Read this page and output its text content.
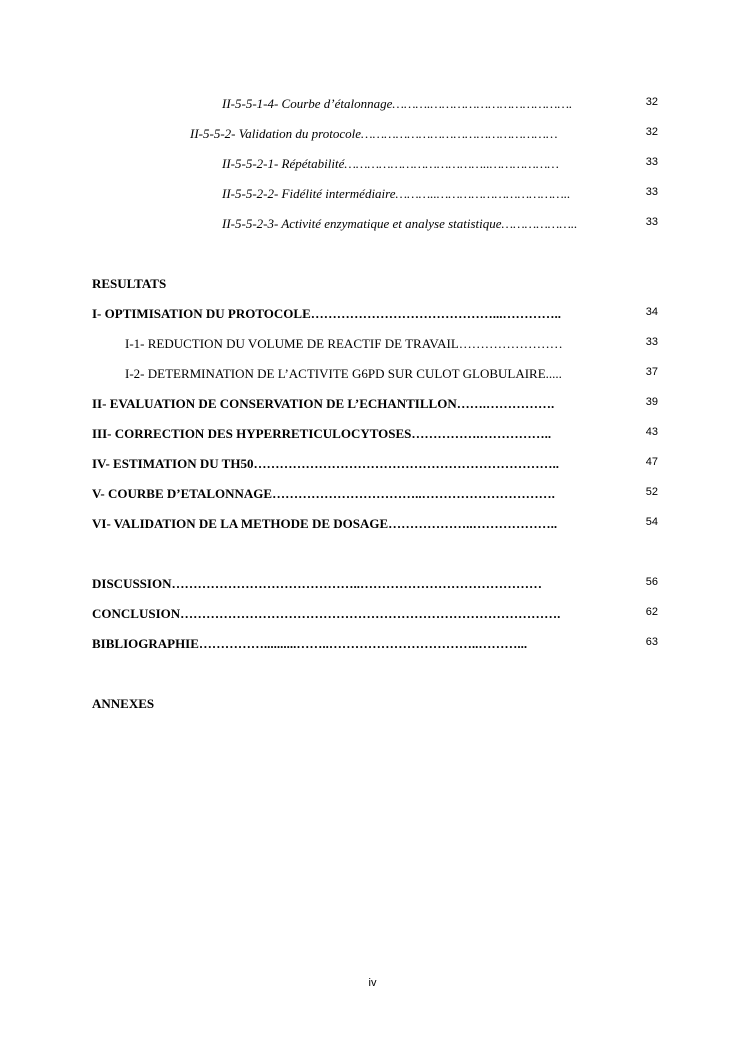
II-5-5-1-4- Courbe d’étalonnage ……….……………………………….	32
II-5-5-2- Validation du protocole ……………………………………………	32
II-5-5-2-1- Répétabilité ………………………………..………………	33
II-5-5-2-2- Fidélité intermédiaire ………..……………………………..	33
II-5-5-2-3- Activité enzymatique et analyse statistique ………………..	33
RESULTATS
I- OPTIMISATION DU PROTOCOLE ……………………………………...…………..	34
I-1- REDUCTION DU VOLUME DE REACTIF DE TRAVAIL ……………………	33
I-2- DETERMINATION DE L’ACTIVITE G6PD SUR CULOT GLOBULAIRE .....	37
II- EVALUATION DE CONSERVATION DE L’ECHANTILLON …….…………….	39
III- CORRECTION DES HYPERRETICULOCYTOSES …………….……………..	43
IV- ESTIMATION DU TH50 ……………………………………………………………..	47
V- COURBE D’ETALONNAGE ……………………………..………………………….	52
VI- VALIDATION DE LA METHODE DE DOSAGE ………………..………………..	54
DISCUSSION ……………………………………..……………………………………	56
CONCLUSION …………………………………………………………………………….	62
BIBLIOGRAPHIE ……………..........……..……………………………..………...	63
ANNEXES
iv
